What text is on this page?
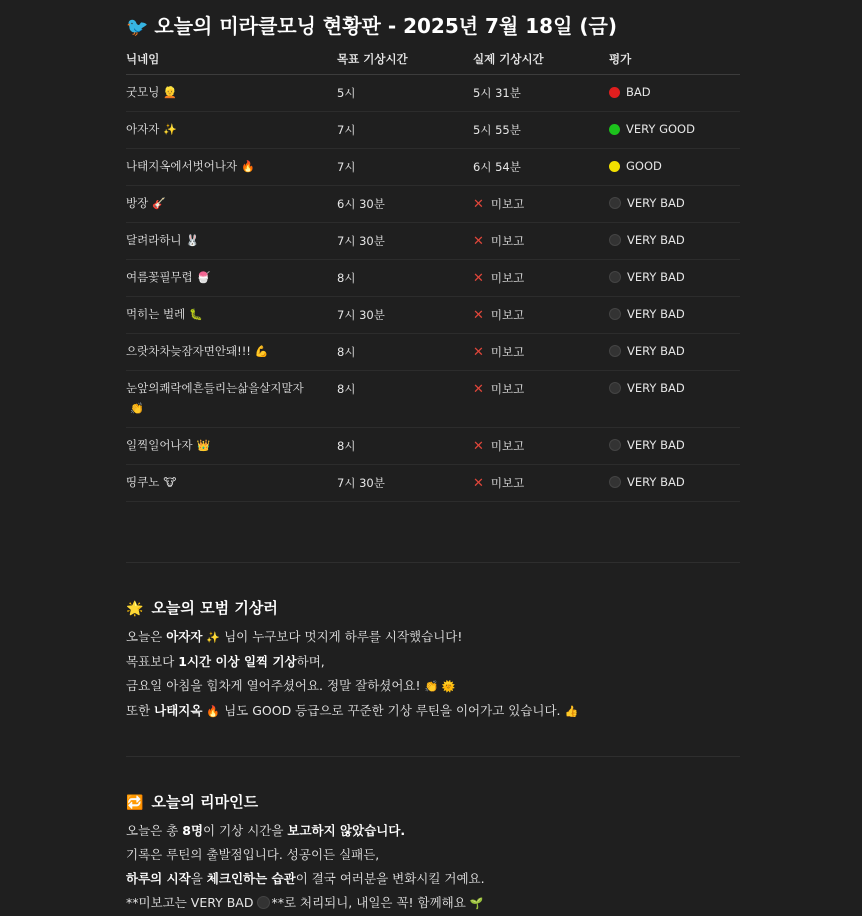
🐦 오늘의 미라클모닝 현황판 - 2025년 7월 18일 (금)
닉네임	목표 기상시간	실제 기상시간	평가
굿모닝 👱	5시	5시 31분	BAD
아자자 ✨	7시	5시 55분	VERY GOOD
나태지옥에서벗어나자 🔥	7시	6시 54분	GOOD
방장 🎸	6시 30분	✕ 미보고	VERY BAD
달려라하니 🐰	7시 30분	✕ 미보고	VERY BAD
여름꽃필무렵 🍧	8시	✕ 미보고	VERY BAD
먹히는 벌레 🐛	7시 30분	✕ 미보고	VERY BAD
으랏차차늦잠자면안돼!!! 💪	8시	✕ 미보고	VERY BAD
눈앞의쾌락에흔들리는삶을살지말자👏	8시	✕ 미보고	VERY BAD
일찍일어나자 👑	8시	✕ 미보고	VERY BAD
띵쿠노 🐮	7시 30분	✕ 미보고	VERY BAD
🌟 오늘의 모범 기상러
오늘은 아자자 ✨ 님이 누구보다 멋지게 하루를 시작했습니다!
목표보다 1시간 이상 일찍 기상하며,
금요일 아침을 힘차게 열어주셨어요. 정말 잘하셨어요! 👏 🌞
또한 나태지옥 🔥 님도 GOOD 등급으로 꾸준한 기상 루틴을 이어가고 있습니다. 👍
🔁 오늘의 리마인드
오늘은 총 8명이 기상 시간을 보고하지 않았습니다.
기록은 루틴의 출발점입니다. 성공이든 실패든,
하루의 시작을 체크인하는 습관이 결국 여러분을 변화시킬 거예요.
**미보고는 VERY BAD **로 처리되니, 내일은 꼭! 함께해요 🌱
